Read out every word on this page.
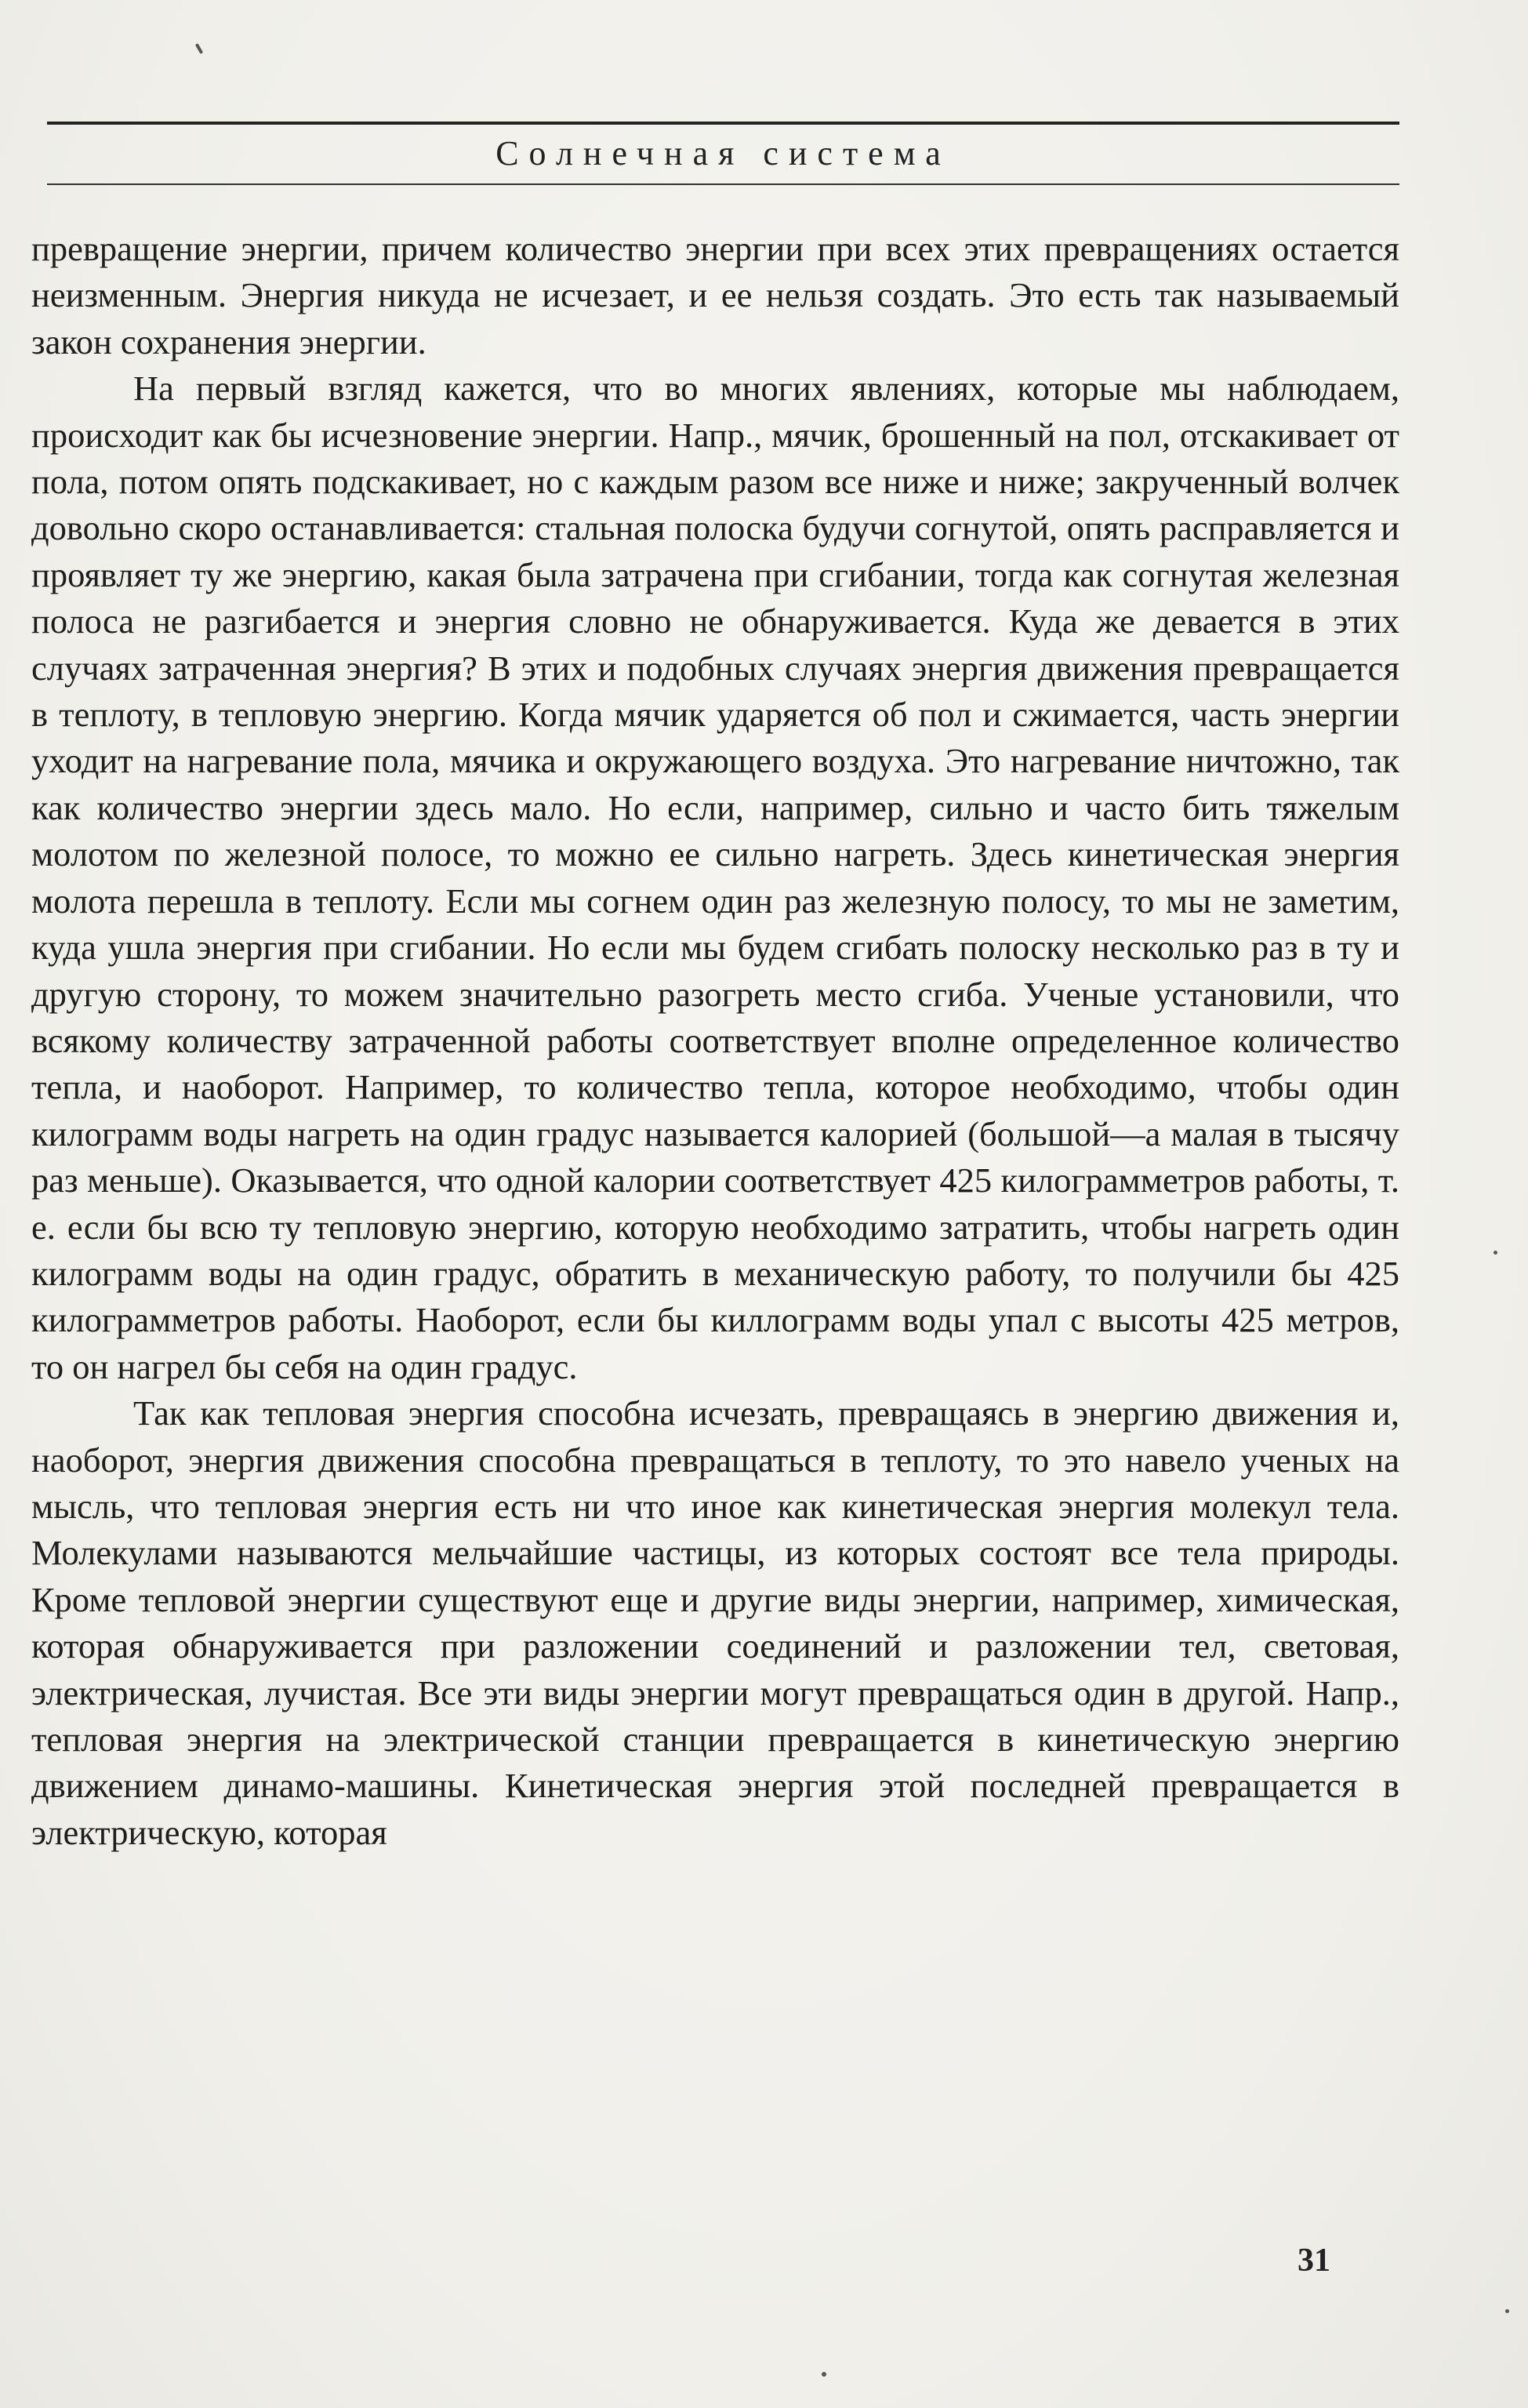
Солнечная система

превращение энергии, причем количество энергии при всех этих превращениях остается неизменным. Энергия никуда не исчезает, и ее нельзя создать. Это есть так называемый закон сохранения энергии.

На первый взгляд кажется, что во многих явлениях, которые мы наблюдаем, происходит как бы исчезновение энергии. Напр., мячик, брошенный на пол, отскакивает от пола, потом опять подскакивает, но с каждым разом все ниже и ниже; закрученный волчек довольно скоро останавливается: стальная полоска будучи согнутой, опять расправляется и проявляет ту же энергию, какая была затрачена при сгибании, тогда как согнутая железная полоса не разгибается и энергия словно не обнаруживается. Куда же девается в этих случаях затраченная энергия? В этих и подобных случаях энергия движения превращается в теплоту, в тепловую энергию. Когда мячик ударяется об пол и сжимается, часть энергии уходит на нагревание пола, мячика и окружающего воздуха. Это нагревание ничтожно, так как количество энергии здесь мало. Но если, например, сильно и часто бить тяжелым молотом по железной полосе, то можно ее сильно нагреть. Здесь кинетическая энергия молота перешла в теплоту. Если мы согнем один раз железную полосу, то мы не заметим, куда ушла энергия при сгибании. Но если мы будем сгибать полоску несколько раз в ту и другую сторону, то можем значительно разогреть место сгиба. Ученые установили, что всякому количеству затраченной работы соответствует вполне определенное количество тепла, и наоборот. Например, то количество тепла, которое необходимо, чтобы один килограмм воды нагреть на один градус называется калорией (большой—а малая в тысячу раз меньше). Оказывается, что одной калории соответствует 425 килограмметров работы, т. е. если бы всю ту тепловую энергию, которую необходимо затратить, чтобы нагреть один килограмм воды на один градус, обратить в механическую работу, то получили бы 425 килограмметров работы. Наоборот, если бы киллограмм воды упал с высоты 425 метров, то он нагрел бы себя на один градус.

Так как тепловая энергия способна исчезать, превращаясь в энергию движения и, наоборот, энергия движения способна превращаться в теплоту, то это навело ученых на мысль, что тепловая энергия есть ни что иное как кинетическая энергия молекул тела. Молекулами называются мельчайшие частицы, из которых состоят все тела природы. Кроме тепловой энергии существуют еще и другие виды энергии, например, химическая, которая обнаруживается при разложении соединений и разложении тел, световая, электрическая, лучистая. Все эти виды энергии могут превращаться один в другой. Напр., тепловая энергия на электрической станции превращается в кинетическую энергию движением динамо-машины. Кинетическая энергия этой последней превращается в электрическую, которая

31
